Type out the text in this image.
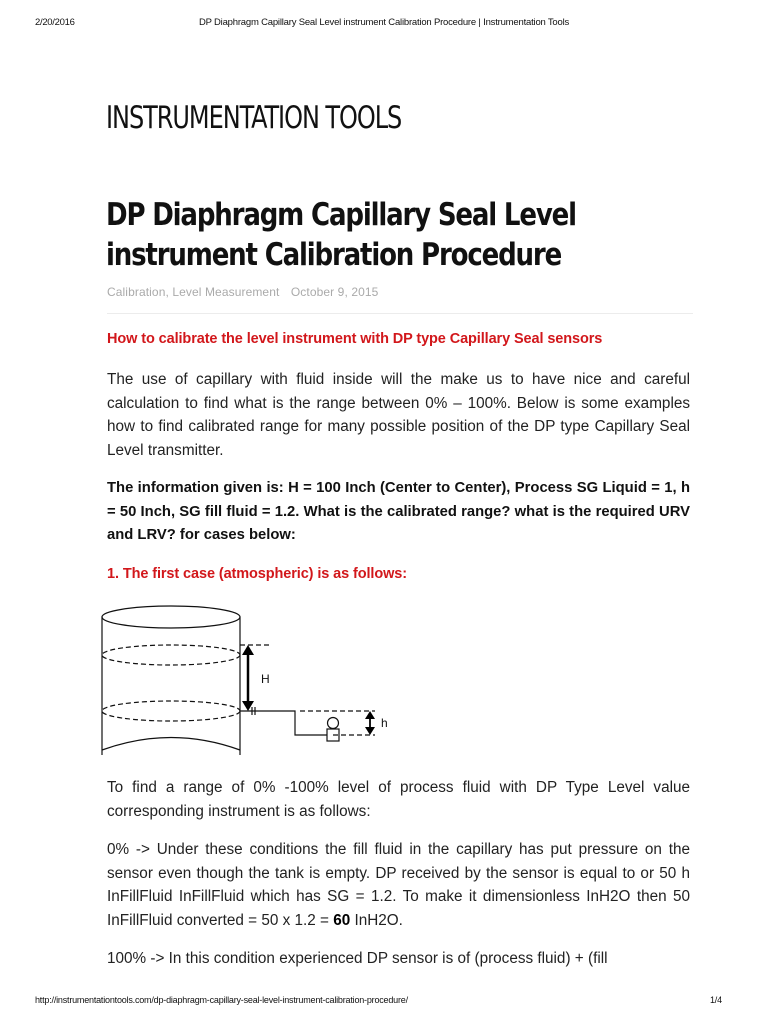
2/20/2016	DP Diaphragm Capillary Seal Level instrument Calibration Procedure | Instrumentation Tools
INSTRUMENTATION TOOLS
DP Diaphragm Capillary Seal Level
instrument Calibration Procedure
Calibration, Level Measurement October 9, 2015
How to calibrate the level instrument with DP type Capillary Seal sensors

The use of capillary with fluid inside will the make us to have nice and careful calculation to find what is the range between 0% – 100%. Below is some examples how to find calibrated range for many possible position of the DP type Capillary Seal Level transmitter.

The information given is: H = 100 Inch (Center to Center), Process SG Liquid = 1, h = 50 Inch, SG fill fluid = 1.2. What is the calibrated range? what is the required URV and LRV? for cases below:

1. The first case (atmospheric) is as follows:
H
h

To find a range of 0% -100% level of process fluid with DP Type Level value corresponding instrument is as follows:

0% -> Under these conditions the fill fluid in the capillary has put pressure on the sensor even though the tank is empty. DP received by the sensor is equal to or 50 h InFillFluid InFillFluid which has SG = 1.2. To make it dimensionless InH2O then 50 InFillFluid converted = 50 x 1.2 = 60 InH2O.

100% -> In this condition experienced DP sensor is of (process fluid) + (fill

http://instrumentationtools.com/dp-diaphragm-capillary-seal-level-instrument-calibration-procedure/	1/4
